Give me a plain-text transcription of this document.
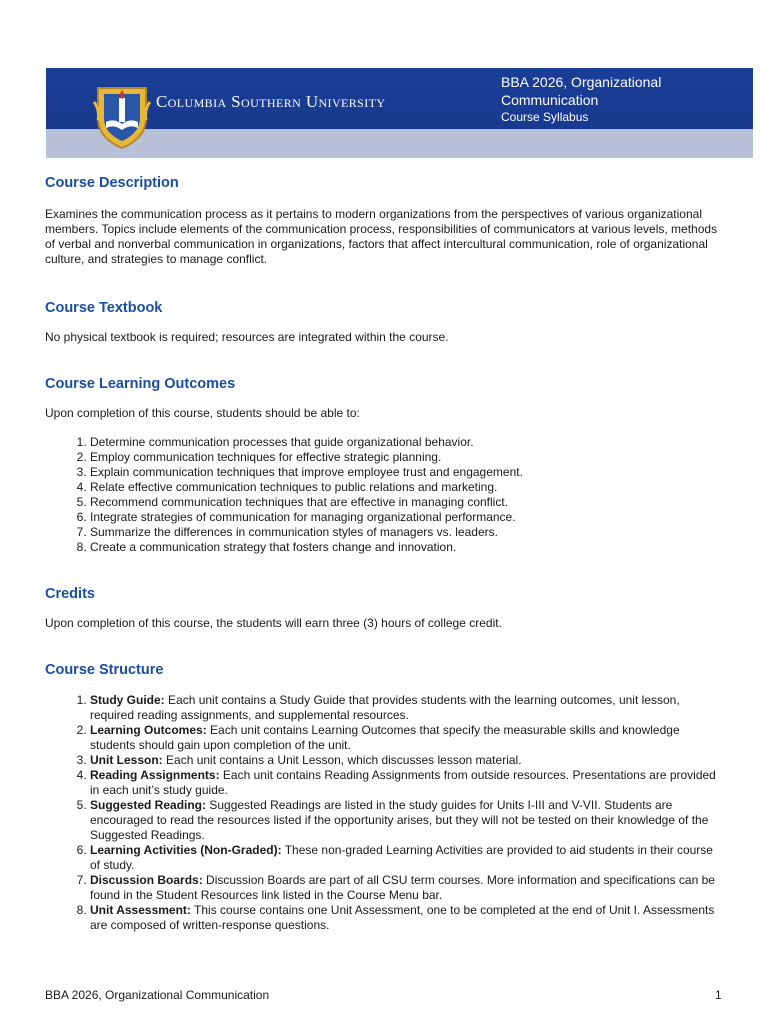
Columbia Southern University
BBA 2026, Organizational Communication
Course Syllabus
Course Description

Examines the communication process as it pertains to modern organizations from the perspectives of various organizational members. Topics include elements of the communication process, responsibilities of communicators at various levels, methods of verbal and nonverbal communication in organizations, factors that affect intercultural communication, role of organizational culture, and strategies to manage conflict.

Course Textbook

No physical textbook is required; resources are integrated within the course.

Course Learning Outcomes

Upon completion of this course, students should be able to:

1. Determine communication processes that guide organizational behavior.
2. Employ communication techniques for effective strategic planning.
3. Explain communication techniques that improve employee trust and engagement.
4. Relate effective communication techniques to public relations and marketing.
5. Recommend communication techniques that are effective in managing conflict.
6. Integrate strategies of communication for managing organizational performance.
7. Summarize the differences in communication styles of managers vs. leaders.
8. Create a communication strategy that fosters change and innovation.
Credits

Upon completion of this course, the students will earn three (3) hours of college credit.

Course Structure
1. Study Guide: Each unit contains a Study Guide that provides students with the learning outcomes, unit lesson, required reading assignments, and supplemental resources.
2. Learning Outcomes: Each unit contains Learning Outcomes that specify the measurable skills and knowledge students should gain upon completion of the unit.
3. Unit Lesson: Each unit contains a Unit Lesson, which discusses lesson material.
4. Reading Assignments: Each unit contains Reading Assignments from outside resources. Presentations are provided in each unit’s study guide.
5. Suggested Reading: Suggested Readings are listed in the study guides for Units I-III and V-VII. Students are encouraged to read the resources listed if the opportunity arises, but they will not be tested on their knowledge of the Suggested Readings.
6. Learning Activities (Non-Graded): These non-graded Learning Activities are provided to aid students in their course of study.
7. Discussion Boards: Discussion Boards are part of all CSU term courses. More information and specifications can be found in the Student Resources link listed in the Course Menu bar.
8. Unit Assessment: This course contains one Unit Assessment, one to be completed at the end of Unit I. Assessments are composed of written-response questions.
BBA 2026, Organizational Communication	1
